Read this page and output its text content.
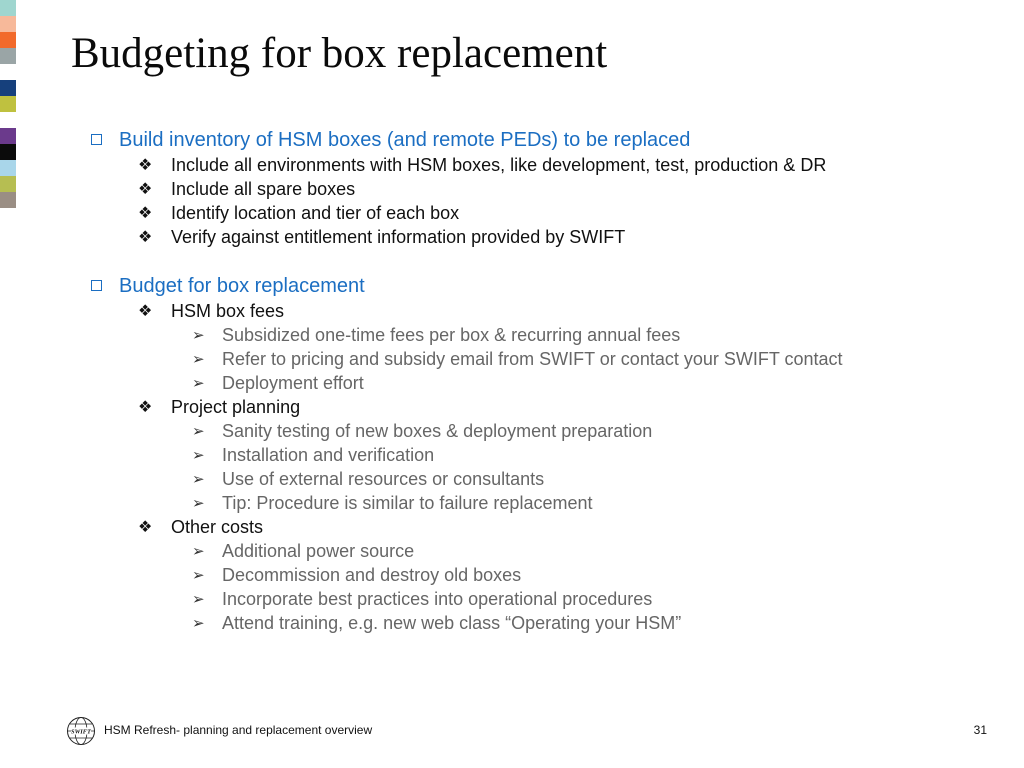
Budgeting for box replacement
Build inventory of HSM boxes (and remote PEDs) to be replaced
❖ Include all environments with HSM boxes, like development, test, production & DR
❖ Include all spare boxes
❖ Identify location and tier of each box
❖ Verify against entitlement information provided by SWIFT
Budget for box replacement
❖ HSM box fees
➢ Subsidized one-time fees per box & recurring annual fees
➢ Refer to pricing and subsidy email from SWIFT or contact your SWIFT contact
➢ Deployment effort
❖ Project planning
➢ Sanity testing of new boxes & deployment preparation
➢ Installation and verification
➢ Use of external resources or consultants
➢ Tip: Procedure is similar to failure replacement
❖ Other costs
➢ Additional power source
➢ Decommission and destroy old boxes
➢ Incorporate best practices into operational procedures
➢ Attend training, e.g. new web class “Operating your HSM”
SWIFT HSM Refresh- planning and replacement overview	31
